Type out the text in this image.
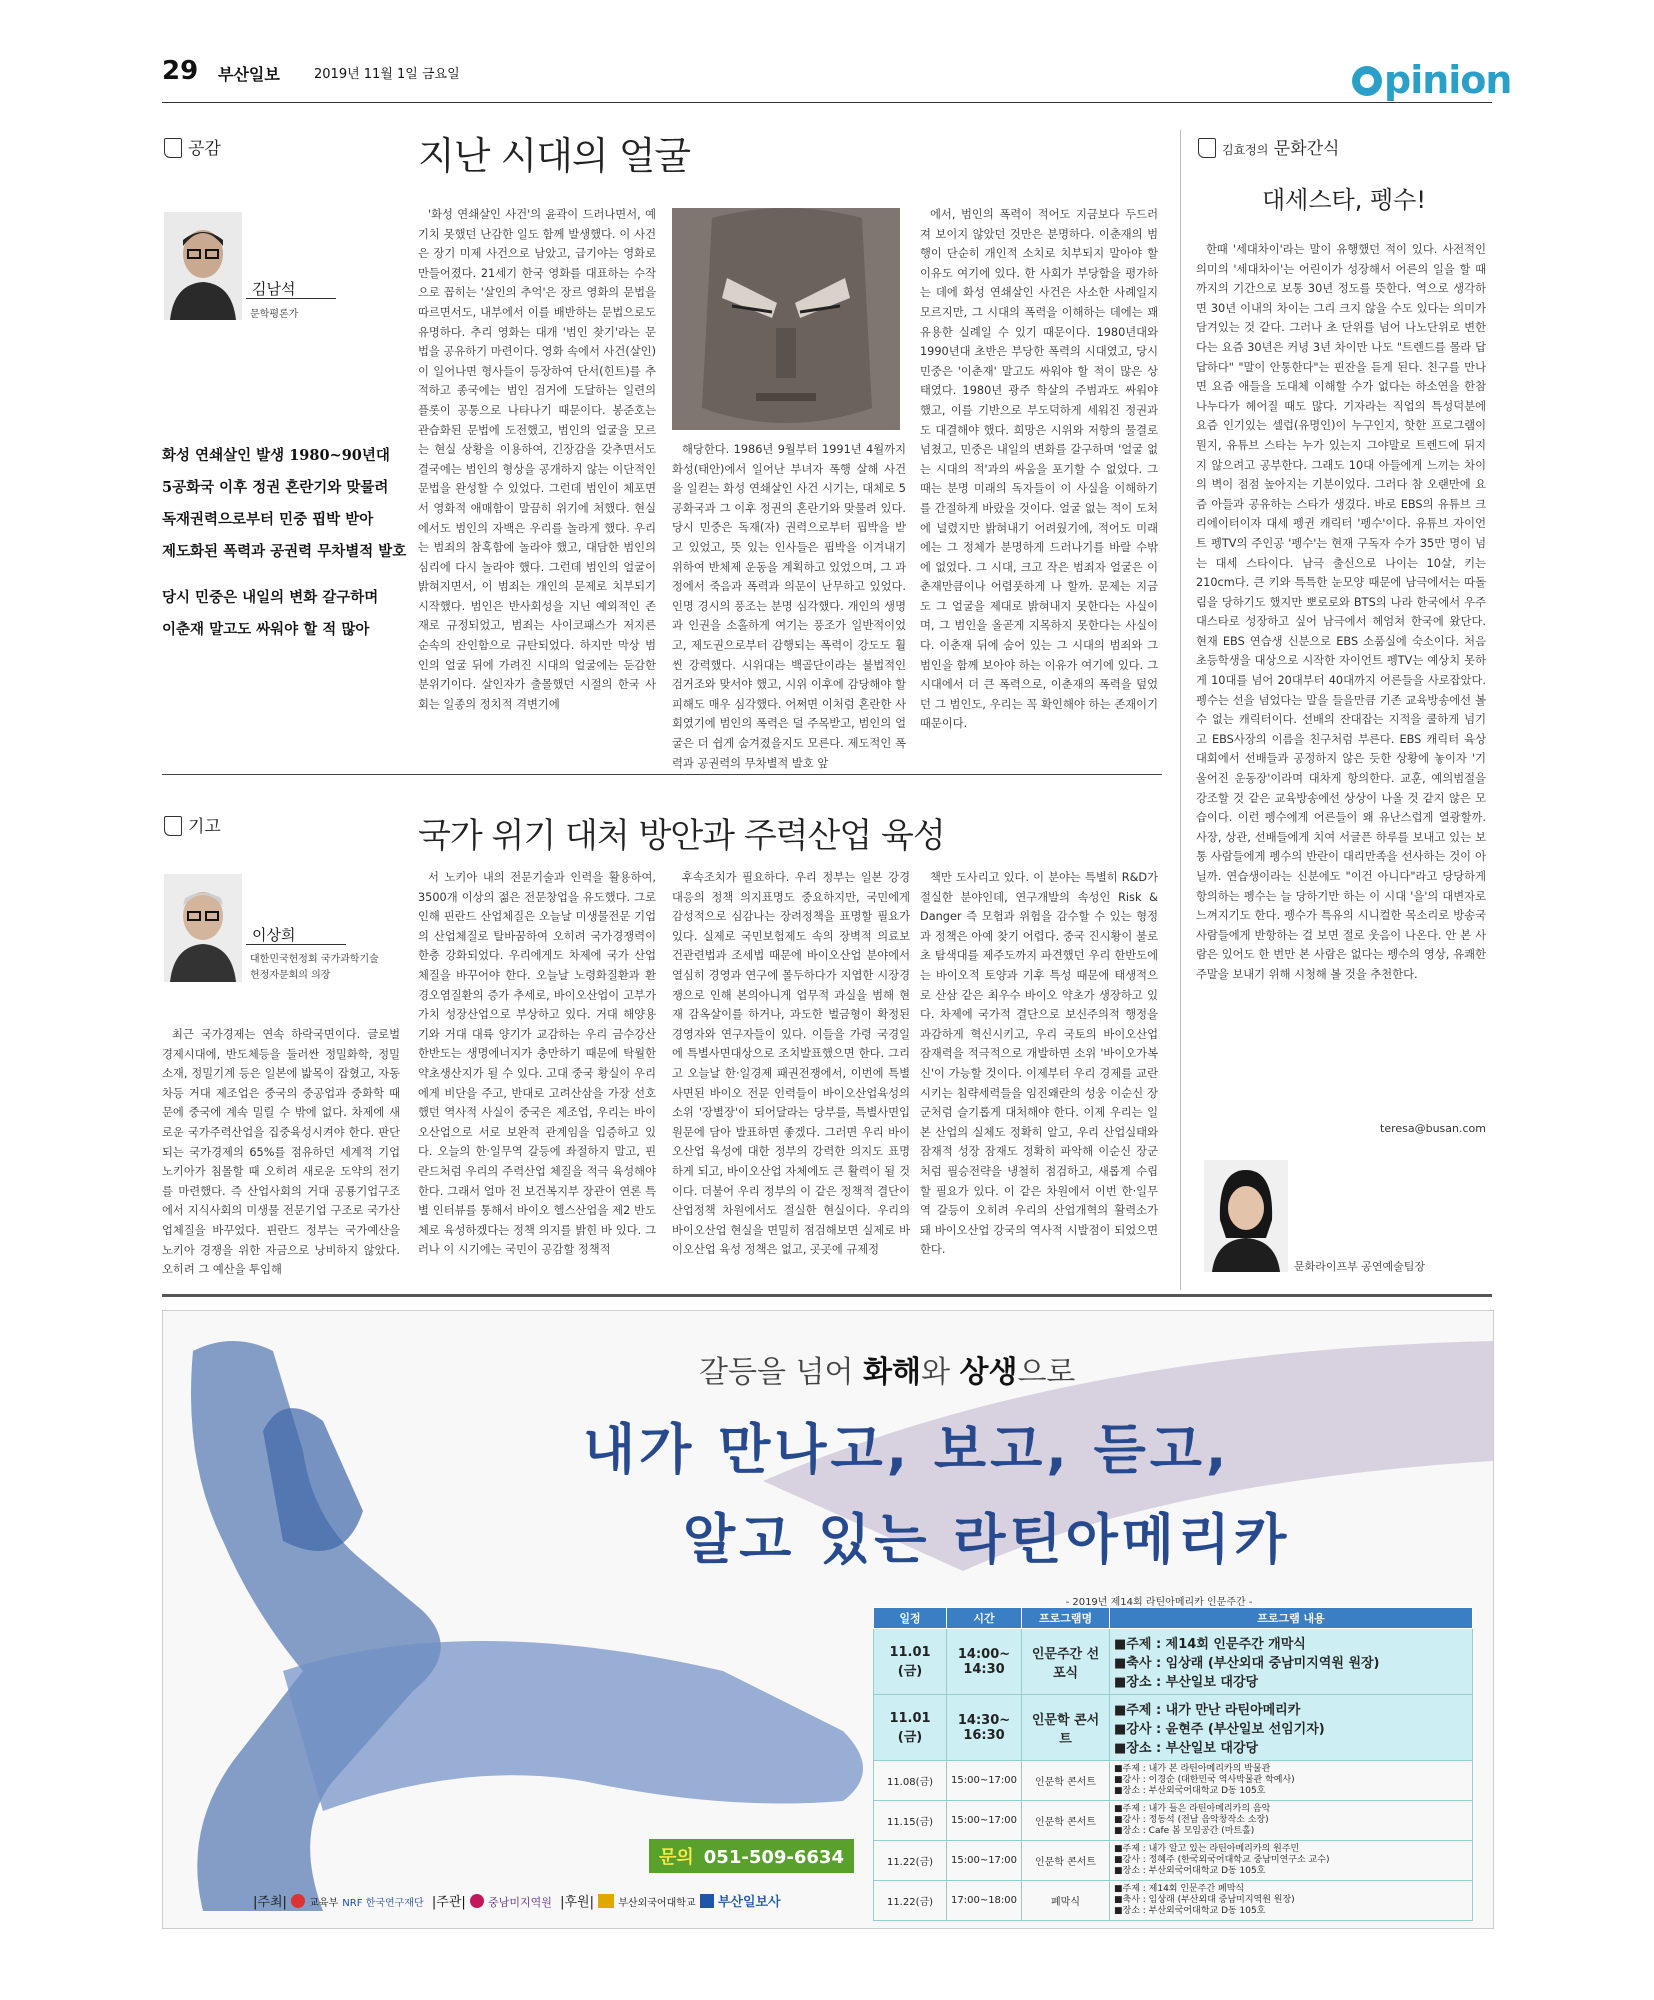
29 부산일보	2019년 11월 1일 금요일	pinion
공감	지난 시대의 얼굴
김남석
문학평론가
화성 연쇄살인 발생 1980~90년대
5공화국 이후 정권 혼란기와 맞물려
독재권력으로부터 민중 핍박 받아
제도화된 폭력과 공권력 무차별적 발호
당시 민중은 내일의 변화 갈구하며
이춘재 말고도 싸워야 할 적 많아

'화성 연쇄살인 사건'의 윤곽이 드러나면서, 예기치 못했던 난감한 일도 함께 발생했다. 이 사건은 장기 미제 사건으로 남았고, 급기야는 영화로 만들어졌다. 21세기 한국 영화를 대표하는 수작으로 꼽히는 '살인의 추억'은 장르 영화의 문법을 따르면서도, 내부에서 이를 배반하는 문법으로도 유명하다. 추리 영화는 대개 '범인 찾기'라는 문법을 공유하기 마련이다. 영화 속에서 사건(살인)이 일어나면 형사들이 등장하여 단서(힌트)를 추적하고 종국에는 범인 검거에 도달하는 일련의 플롯이 공통으로 나타나기 때문이다. 봉준호는 관습화된 문법에 도전했고, 범인의 얼굴을 모르는 현실 상황을 이용하여, 긴장감을 갖추면서도 결국에는 범인의 형상을 공개하지 않는 이단적인 문법을 완성할 수 있었다. 그런데 범인이 체포면서 영화적 애매함이 말끔히 위기에 처했다. 현실에서도 범인의 자백은 우리를 놀라게 했다. 우리는 범죄의 참혹함에 놀라야 했고, 대담한 범인의 심리에 다시 놀라야 했다. 그런데 범인의 얼굴이 밝혀지면서, 이 범죄는 개인의 문제로 치부되기 시작했다. 범인은 반사회성을 지닌 예외적인 존재로 규정되었고, 범죄는 사이코패스가 저지른 순속의 잔인함으로 규탄되었다. 하지만 막상 범인의 얼굴 뒤에 가려진 시대의 얼굴에는 둔감한 분위기이다. 살인자가 출몰했던 시절의 한국 사회는 일종의 정치적 격변기에

해당한다. 1986년 9월부터 1991년 4월까지 화성(태안)에서 일어난 부녀자 폭행 살해 사건을 일컫는 화성 연쇄살인 사건 시기는, 대체로 5공화국과 그 이후 정권의 혼란기와 맞물려 있다. 당시 민중은 독재(자) 권력으로부터 핍박을 받고 있었고, 뜻 있는 인사들은 핍박을 이겨내기 위하여 반체제 운동을 계획하고 있었으며, 그 과정에서 죽음과 폭력과 의문이 난무하고 있었다. 인명 경시의 풍조는 분명 심각했다. 개인의 생명과 인권을 소홀하게 여기는 풍조가 일반적이었고, 제도권으로부터 감행되는 폭력이 강도도 훨씬 강력했다. 시위대는 백골단이라는 불법적인 검거조와 맞서야 했고, 시위 이후에 감당해야 할 피해도 매우 심각했다. 어쩌면 이처럼 혼란한 사회였기에 범인의 폭력은 덜 주목받고, 범인의 얼굴은 더 쉽게 숨겨졌을지도 모른다. 제도적인 폭력과 공권력의 무차별적 발호 앞

에서, 범인의 폭력이 적어도 지금보다 두드러져 보이지 않았던 것만은 분명하다. 이춘재의 범행이 단순히 개인적 소치로 치부되지 말아야 할 이유도 여기에 있다. 한 사회가 부당함을 평가하는 데에 화성 연쇄살인 사건은 사소한 사례일지 모르지만, 그 시대의 폭력을 이해하는 데에는 꽤 유용한 실례일 수 있기 때문이다. 1980년대와 1990년대 초반은 부당한 폭력의 시대였고, 당시 민중은 '이춘재' 말고도 싸워야 할 적이 많은 상태였다. 1980년 광주 학살의 주범과도 싸워야 했고, 이를 기반으로 부도덕하게 세워진 정권과도 대결해야 했다. 희망은 시위와 저항의 물결로 넘쳤고, 민중은 내일의 변화를 갈구하며 '얼굴 없는 시대의 적'과의 싸움을 포기할 수 없었다. 그때는 분명 미래의 독자들이 이 사실을 이해하기를 간절하게 바랐을 것이다. 얼굴 없는 적이 도처에 널렸지만 밝혀내기 어려웠기에, 적어도 미래에는 그 정체가 분명하게 드러나기를 바랄 수밖에 없었다. 그 시대, 크고 작은 범죄자 얼굴은 이춘재만큼이나 어렴풋하게 나 할까. 문제는 지금도 그 얼굴을 제대로 밝혀내지 못한다는 사실이며, 그 범인을 올곧게 지목하지 못한다는 사실이다. 이춘재 뒤에 숨어 있는 그 시대의 범죄와 그 범인을 함께 보아야 하는 이유가 여기에 있다. 그 시대에서 더 큰 폭력으로, 이춘재의 폭력을 덮었던 그 범인도, 우리는 꼭 확인해야 하는 존재이기 때문이다.

기고	국가 위기 대처 방안과 주력산업 육성
이상희
대한민국헌정회 국가과학기술
헌정자문회의 의장

최근 국가경제는 연속 하락국면이다. 글로벌 경제시대에, 반도체등을 둘러싼 정밀화학, 정밀소재, 정밀기계 등은 일본에 밟목이 잡혔고, 자동차등 거대 제조업은 중국의 중공업과 중화학 때문에 중국에 계속 밀릴 수 밖에 없다. 차제에 새로운 국가주력산업을 집중육성시켜야 한다. 판단되는 국가경제의 65%를 점유하던 세계적 기업 노키아가 침몰할 때 오히려 새로운 도약의 전기를 마련했다. 즉 산업사회의 거대 공룡기업구조에서 지식사회의 미생물 전문기업 구조로 국가산업체질을 바꾸었다. 핀란드 정부는 국가예산을 노키아 경쟁을 위한 자금으로 낭비하지 않았다. 오히려 그 예산을 투입해

서 노키아 내의 전문기술과 인력을 활용하여, 3500개 이상의 젊은 전문창업을 유도했다. 그로 인해 핀란드 산업체질은 오늘날 미생물전문 기업의 산업체질로 탈바꿈하여 오히려 국가경쟁력이 한층 강화되었다. 우리에게도 차제에 국가 산업체질을 바꾸어야 한다. 오늘날 노령화질환과 환경오염질환의 증가 추세로, 바이오산업이 고부가가치 성장산업으로 부상하고 있다. 거대 해양용기와 거대 대륙 양기가 교감하는 우리 금수강산 한반도는 생명에너지가 충만하기 때문에 탁월한 약초생산지가 될 수 있다. 고대 중국 황실이 우리에게 비단을 주고, 반대로 고려산삼을 가장 선호했던 역사적 사실이 중국은 제조업, 우리는 바이오산업으로 서로 보완적 관계임을 입증하고 있다. 오늘의 한·일무역 갈등에 좌절하지 말고, 핀란드처럼 우리의 주력산업 체질을 적극 육성해야 한다. 그래서 얼마 전 보건복지부 장관이 연론 특별 인터뷰를 통해서 바이오 헬스산업을 제2 반도체로 육성하겠다는 정책 의지를 밝힌 바 있다. 그러나 이 시기에는 국민이 공감할 정책적

후속조치가 필요하다. 우리 정부는 일본 강경 대응의 정책 의지표명도 중요하지만, 국민에게 감성적으로 심감나는 장려정책을 표명할 필요가 있다. 실제로 국민보험제도 속의 장벽적 의료보건관련법과 조세법 때문에 바이오산업 분야에서 열심히 경영과 연구에 몰두하다가 지엽한 시장경쟁으로 인해 본의아니게 업무적 과실을 범해 현재 감옥살이를 하거나, 과도한 벌금형이 확정된 경영자와 연구자들이 있다. 이들을 가령 국경일에 특별사면대상으로 조치발표했으면 한다. 그리고 오늘날 한·일경제 패권전쟁에서, 이번에 특별사면된 바이오 전문 인력들이 바이오산업육성의 소위 '장별장'이 되어달라는 당부를, 특별사면입원문에 담아 발표하면 좋겠다. 그러면 우리 바이오산업 육성에 대한 정부의 강력한 의지도 표명하게 되고, 바이오산업 자체에도 큰 활력이 될 것이다. 더불어 우리 정부의 이 같은 정책적 결단이 산업정책 차원에서도 절실한 현실이다. 우리의 바이오산업 현실을 면밀히 점검해보면 실제로 바이오산업 육성 정책은 없고, 곳곳에 규제정

책만 도사리고 있다. 이 분야는 특별히 R&D가 절실한 분야인데, 연구개발의 속성인 Risk & Danger 즉 모험과 위험을 감수할 수 있는 형정과 정책은 아예 찾기 어렵다. 중국 진시황이 불로초 탐색대를 제주도까지 파견했던 우리 한반도에는 바이오적 토양과 기후 특성 때문에 태생적으로 산삼 같은 최우수 바이오 약초가 생장하고 있다. 차제에 국가적 결단으로 보신주의적 행정을 과감하게 혁신시키고, 우리 국토의 바이오산업 잠재력을 적극적으로 개발하면 소위 '바이오가복신'이 가능할 것이다. 이제부터 우리 경제를 교란시키는 침략세력들을 임진왜란의 성웅 이순신 장군처럼 슬기롭게 대처해야 한다. 이제 우리는 일본 산업의 실체도 정확히 알고, 우리 산업실태와 잠재적 성장 잠재도 정확히 파악해 이순신 장군처럼 필승전략을 냉철히 점검하고, 새롭게 수립할 필요가 있다. 이 같은 차원에서 이번 한·일무역 갈등이 오히려 우리의 산업개혁의 활력소가 돼 바이오산업 강국의 역사적 시발점이 되었으면 한다.

김효정의 문화간식
대세스타, 펭수!

한때 '세대차이'라는 말이 유행했던 적이 있다. 사전적인 의미의 '세대차이'는 어린이가 성장해서 어른의 일을 할 때까지의 기간으로 보통 30년 정도를 뜻한다. 역으로 생각하면 30년 이내의 차이는 그리 크지 않을 수도 있다는 의미가 담겨있는 것 같다. 그러나 초 단위를 넘어 나노단위로 변한다는 요즘 30년은 커녕 3년 차이만 나도 "트렌드를 몰라 답답하다" "말이 안통한다"는 핀잔을 듣게 된다. 친구를 만나면 요즘 애들을 도대체 이해할 수가 없다는 하소연을 한참 나누다가 헤어질 때도 많다. 기자라는 직업의 특성덕분에 요즘 인기있는 셀럽(유명인)이 누구인지, 핫한 프로그램이 뭔지, 유튜브 스타는 누가 있는지 그야말로 트렌드에 뒤지지 않으려고 공부한다. 그래도 10대 아들에게 느끼는 차이의 벽이 점점 높아지는 기분이었다. 그러다 참 오랜만에 요즘 아들과 공유하는 스타가 생겼다. 바로 EBS의 유튜브 크리에이터이자 대세 펭귄 캐릭터 '펭수'이다. 유튜브 자이언트 펭TV의 주인공 '펭수'는 현재 구독자 수가 35만 명이 넘는 대세 스타이다. 남극 출신으로 나이는 10살, 키는 210cm다. 큰 키와 특특한 눈모양 때문에 남극에서는 따돌림을 당하기도 했지만 뽀로로와 BTS의 나라 한국에서 우주대스타로 성장하고 싶어 남극에서 헤엄쳐 한국에 왔단다. 현재 EBS 연습생 신분으로 EBS 소품실에 숙소이다. 처음 초등학생을 대상으로 시작한 자이언트 펭TV는 예상치 못하게 10대를 넘어 20대부터 40대까지 어른들을 사로잡았다. 펭수는 선을 넘었다는 말을 들을만큼 기존 교육방송에선 볼 수 없는 캐릭터이다. 선배의 잔대잡는 지적을 쿨하게 넘기고 EBS사장의 이름을 친구처럼 부른다. EBS 캐릭터 육상대회에서 선배들과 공정하지 않은 듯한 상황에 놓이자 '기울어진 운동장'이라며 대차게 항의한다. 교훈, 예의범절을 강조할 것 같은 교육방송에선 상상이 나올 것 같지 않은 모습이다. 이런 펭수에게 어른들이 왜 유난스럽게 열광할까. 사장, 상관, 선배들에게 치여 서글픈 하루를 보내고 있는 보통 사람들에게 펭수의 반란이 대리만족을 선사하는 것이 아닐까. 연습생이라는 신분에도 "이건 아니다"라고 당당하게 항의하는 펭수는 늘 당하기만 하는 이 시대 '을'의 대변자로 느껴지기도 한다. 펭수가 특유의 시니컬한 목소리로 방송국 사람들에게 반항하는 걸 보면 절로 웃음이 나온다. 안 본 사람은 있어도 한 번만 본 사람은 없다는 펭수의 영상, 유쾌한 주말을 보내기 위해 시청해 볼 것을 추천한다.

teresa@busan.com
문화라이프부 공연예술팀장
갈등을 넘어 화해와 상생으로
내가 만나고, 보고, 듣고,
알고 있는 라틴아메리카
- 2019년 제14회 라틴아메리카 인문주간 -
일정	시간	프로그램명	프로그램 내용
11.01 (금)	14:00~ 14:30	인문주간 선포식	■주제 : 제14회 인문주간 개막식
■축사 : 임상래 (부산외대 중남미지역원 원장)
■장소 : 부산일보 대강당

11.01 (금)	14:30~ 16:30	인문학 콘서트	■주제 : 내가 만난 라틴아메리카
■강사 : 윤현주 (부산일보 선임기자)
■장소 : 부산일보 대강당

11.08(금)	15:00~17:00	인문학 콘서트	■주제 : 내가 본 라틴아메리카의 박물관
■강사 : 이경순 (대한민국 역사박물관 학예사)
■장소 : 부산외국어대학교 D동 105호

11.15(금)	15:00~17:00	인문학 콘서트	■주제 : 내가 들은 라틴아메리카의 음악
■강사 : 정동석 (전남 음악창작소 소장)
■장소 : Cafe 봄 모임공간 (마트홀)

11.22(금)	15:00~17:00	인문학 콘서트	■주제 : 내가 알고 있는 라틴아메리카의 원주민
■강사 : 정혜주 (한국외국어대학교 중남미연구소 교수)
■장소 : 부산외국어대학교 D동 105호

11.22(금)	17:00~18:00	폐막식	■주제 : 제14회 인문주간 폐막식
■축사 : 임상래 (부산외대 중남미지역원 원장)
■장소 : 부산외국어대학교 D동 105호
문의 051-509-6634
|주최| 교육부 NRF 한국연구재단 |주관| 중남미지역원 |후원| 부산외국어대학교 부산일보사
